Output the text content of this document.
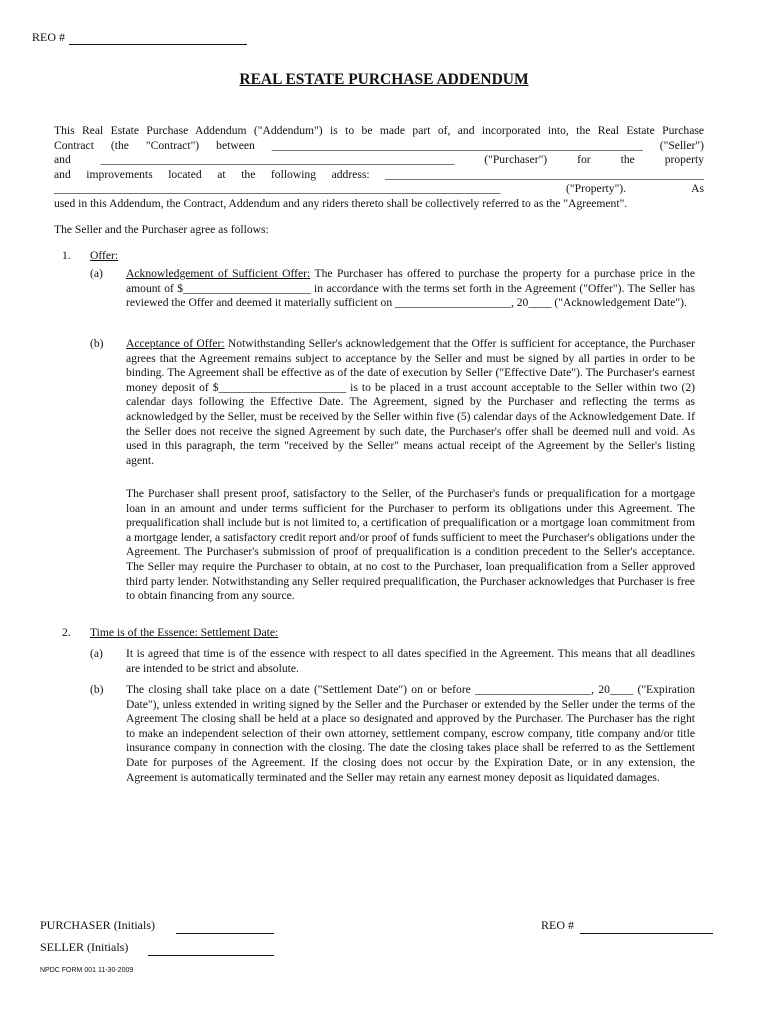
REO #
REAL ESTATE PURCHASE ADDENDUM
This Real Estate Purchase Addendum ("Addendum") is to be made part of, and incorporated into, the Real Estate Purchase
Contract (the "Contract") between ________________________________________________________________ ("Seller")
and _____________________________________________________________ ("Purchaser") for the property
and improvements located at the following address: _______________________________________________________
_____________________________________________________________________________ ("Property"). As
used in this Addendum, the Contract, Addendum and any riders thereto shall be collectively referred to as the "Agreement".
The Seller and the Purchaser agree as follows:
1. Offer:
(a) Acknowledgement of Sufficient Offer: The Purchaser has offered to purchase the property for a purchase price in the amount of $______________________ in accordance with the terms set forth in the Agreement ("Offer"). The Seller has reviewed the Offer and deemed it materially sufficient on ____________________, 20____ ("Acknowledgement Date").
(b) Acceptance of Offer: Notwithstanding Seller's acknowledgement that the Offer is sufficient for acceptance, the Purchaser agrees that the Agreement remains subject to acceptance by the Seller and must be signed by all parties in order to be binding. The Agreement shall be effective as of the date of execution by Seller ("Effective Date"). The Purchaser's earnest money deposit of $______________________ is to be placed in a trust account acceptable to the Seller within two (2) calendar days following the Effective Date. The Agreement, signed by the Purchaser and reflecting the terms as acknowledged by the Seller, must be received by the Seller within five (5) calendar days of the Acknowledgement Date. If the Seller does not receive the signed Agreement by such date, the Purchaser's offer shall be deemed null and void. As used in this paragraph, the term "received by the Seller" means actual receipt of the Agreement by the Seller's listing agent.
The Purchaser shall present proof, satisfactory to the Seller, of the Purchaser's funds or prequalification for a mortgage loan in an amount and under terms sufficient for the Purchaser to perform its obligations under this Agreement. The prequalification shall include but is not limited to, a certification of prequalification or a mortgage loan commitment from a mortgage lender, a satisfactory credit report and/or proof of funds sufficient to meet the Purchaser's obligations under the Agreement. The Purchaser's submission of proof of prequalification is a condition precedent to the Seller's acceptance. The Seller may require the Purchaser to obtain, at no cost to the Purchaser, loan prequalification from a Seller approved third party lender. Notwithstanding any Seller required prequalification, the Purchaser acknowledges that Purchaser is free to obtain financing from any source.
2. Time is of the Essence: Settlement Date:
(a) It is agreed that time is of the essence with respect to all dates specified in the Agreement. This means that all deadlines are intended to be strict and absolute.
(b) The closing shall take place on a date ("Settlement Date") on or before ____________________, 20____ ("Expiration Date"), unless extended in writing signed by the Seller and the Purchaser or extended by the Seller under the terms of the Agreement The closing shall be held at a place so designated and approved by the Purchaser. The Purchaser has the right to make an independent selection of their own attorney, settlement company, escrow company, title company and/or title insurance company in connection with the closing. The date the closing takes place shall be referred to as the Settlement Date for purposes of the Agreement. If the closing does not occur by the Expiration Date, or in any extension, the Agreement is automatically terminated and the Seller may retain any earnest money deposit as liquidated damages.
PURCHASER (Initials)
SELLER (Initials)
REO #
NPDC FORM 001 11-30-2009
